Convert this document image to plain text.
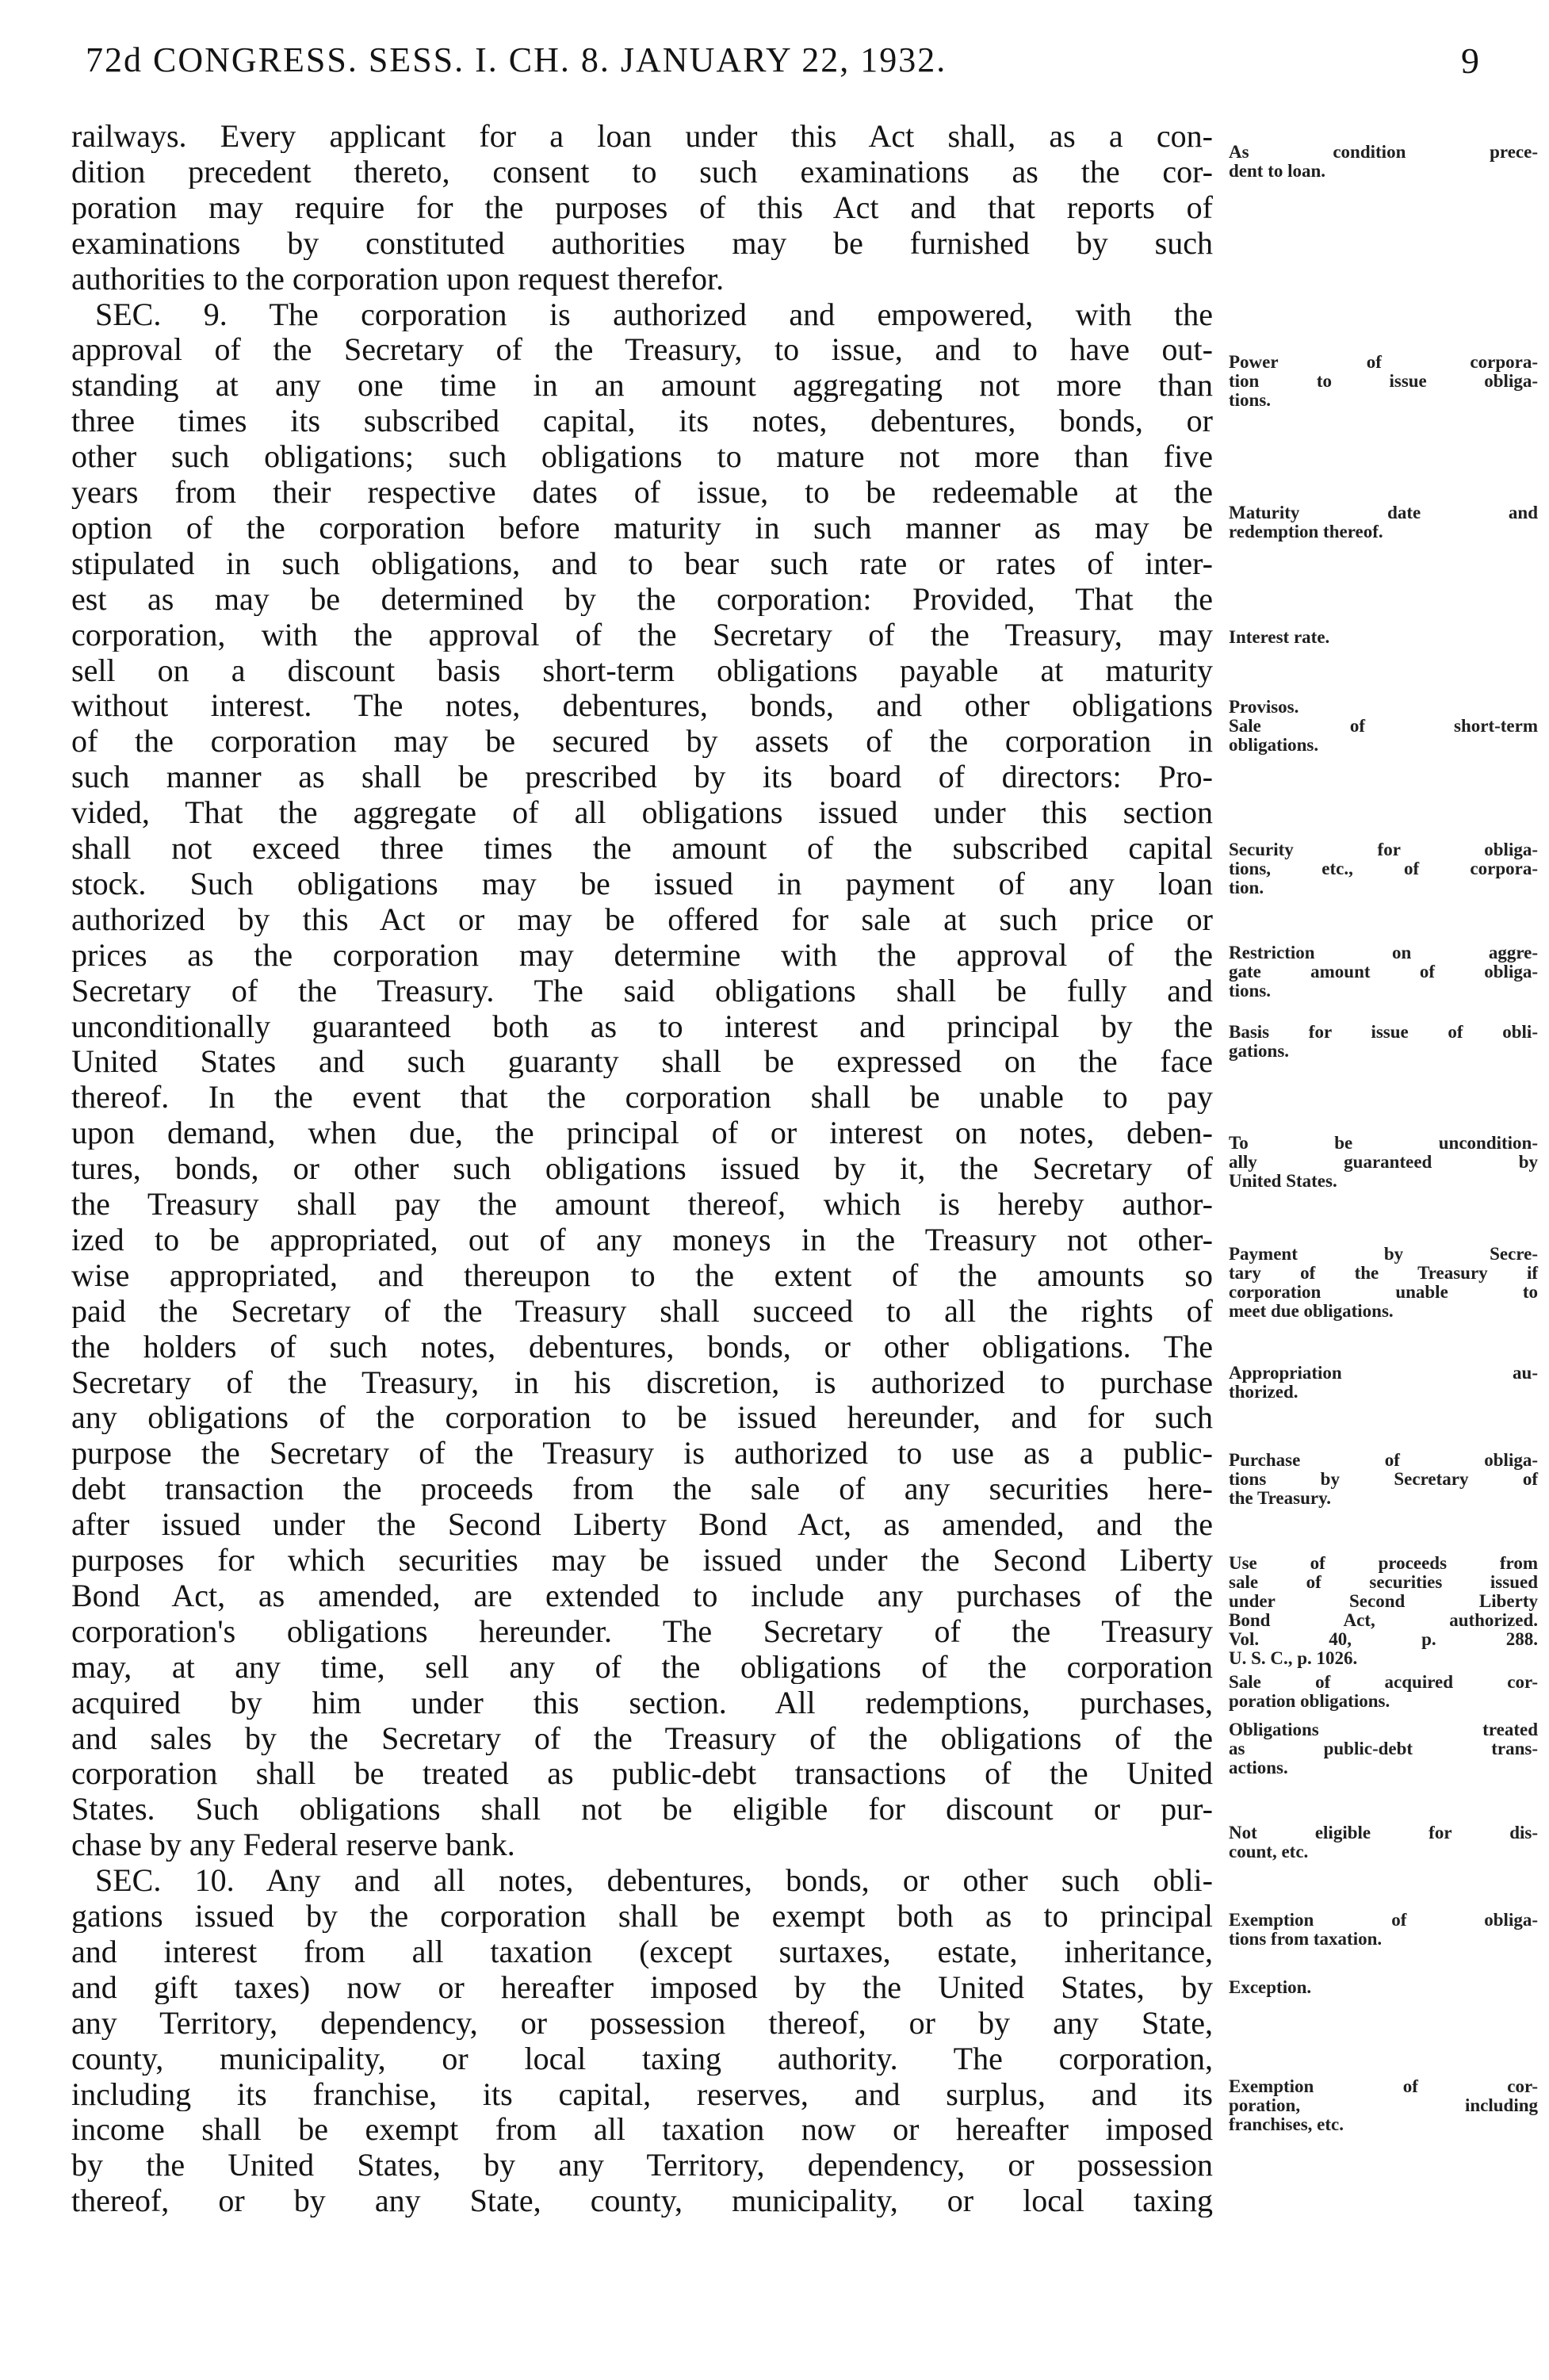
72d CONGRESS. SESS. I. CH. 8. JANUARY 22, 1932.	9
railways. Every applicant for a loan under this Act shall, as a con-
dition precedent thereto, consent to such examinations as the cor-
poration may require for the purposes of this Act and that reports of
examinations by constituted authorities may be furnished by such
authorities to the corporation upon request therefor.
SEC. 9. The corporation is authorized and empowered, with the
approval of the Secretary of the Treasury, to issue, and to have out-
standing at any one time in an amount aggregating not more than
three times its subscribed capital, its notes, debentures, bonds, or
other such obligations; such obligations to mature not more than five
years from their respective dates of issue, to be redeemable at the
option of the corporation before maturity in such manner as may be
stipulated in such obligations, and to bear such rate or rates of inter-
est as may be determined by the corporation: Provided, That the
corporation, with the approval of the Secretary of the Treasury, may
sell on a discount basis short-term obligations payable at maturity
without interest. The notes, debentures, bonds, and other obligations
of the corporation may be secured by assets of the corporation in
such manner as shall be prescribed by its board of directors: Pro-
vided, That the aggregate of all obligations issued under this section
shall not exceed three times the amount of the subscribed capital
stock. Such obligations may be issued in payment of any loan
authorized by this Act or may be offered for sale at such price or
prices as the corporation may determine with the approval of the
Secretary of the Treasury. The said obligations shall be fully and
unconditionally guaranteed both as to interest and principal by the
United States and such guaranty shall be expressed on the face
thereof. In the event that the corporation shall be unable to pay
upon demand, when due, the principal of or interest on notes, deben-
tures, bonds, or other such obligations issued by it, the Secretary of
the Treasury shall pay the amount thereof, which is hereby author-
ized to be appropriated, out of any moneys in the Treasury not other-
wise appropriated, and thereupon to the extent of the amounts so
paid the Secretary of the Treasury shall succeed to all the rights of
the holders of such notes, debentures, bonds, or other obligations. The
Secretary of the Treasury, in his discretion, is authorized to purchase
any obligations of the corporation to be issued hereunder, and for such
purpose the Secretary of the Treasury is authorized to use as a public-
debt transaction the proceeds from the sale of any securities here-
after issued under the Second Liberty Bond Act, as amended, and the
purposes for which securities may be issued under the Second Liberty
Bond Act, as amended, are extended to include any purchases of the
corporation's obligations hereunder. The Secretary of the Treasury
may, at any time, sell any of the obligations of the corporation
acquired by him under this section. All redemptions, purchases,
and sales by the Secretary of the Treasury of the obligations of the
corporation shall be treated as public-debt transactions of the United
States. Such obligations shall not be eligible for discount or pur-
chase by any Federal reserve bank.
SEC. 10. Any and all notes, debentures, bonds, or other such obli-
gations issued by the corporation shall be exempt both as to principal
and interest from all taxation (except surtaxes, estate, inheritance,
and gift taxes) now or hereafter imposed by the United States, by
any Territory, dependency, or possession thereof, or by any State,
county, municipality, or local taxing authority. The corporation,
including its franchise, its capital, reserves, and surplus, and its
income shall be exempt from all taxation now or hereafter imposed
by the United States, by any Territory, dependency, or possession
thereof, or by any State, county, municipality, or local taxing
As condition prece-
dent to loan.
Power of corpora-
tion to issue obliga-
tions.
Maturity date and
redemption thereof.
Interest rate.
Provisos.
Sale of short-term
obligations.
Security for obliga-
tions, etc., of corpora-
tion.
Restriction on aggre-
gate amount of obliga-
tions.
Basis for issue of obli-
gations.
To be uncondition-
ally guaranteed by
United States.
Payment by Secre-
tary of the Treasury if
corporation unable to
meet due obligations.
Appropriation au-
thorized.
Purchase of obliga-
tions by Secretary of
the Treasury.
Use of proceeds from
sale of securities issued
under Second Liberty
Bond Act, authorized.
Vol. 40, p. 288.
U. S. C., p. 1026.
Sale of acquired cor-
poration obligations.
Obligations treated
as public-debt trans-
actions.
Not eligible for dis-
count, etc.
Exemption of obliga-
tions from taxation.
Exception.
Exemption of cor-
poration, including
franchises, etc.
